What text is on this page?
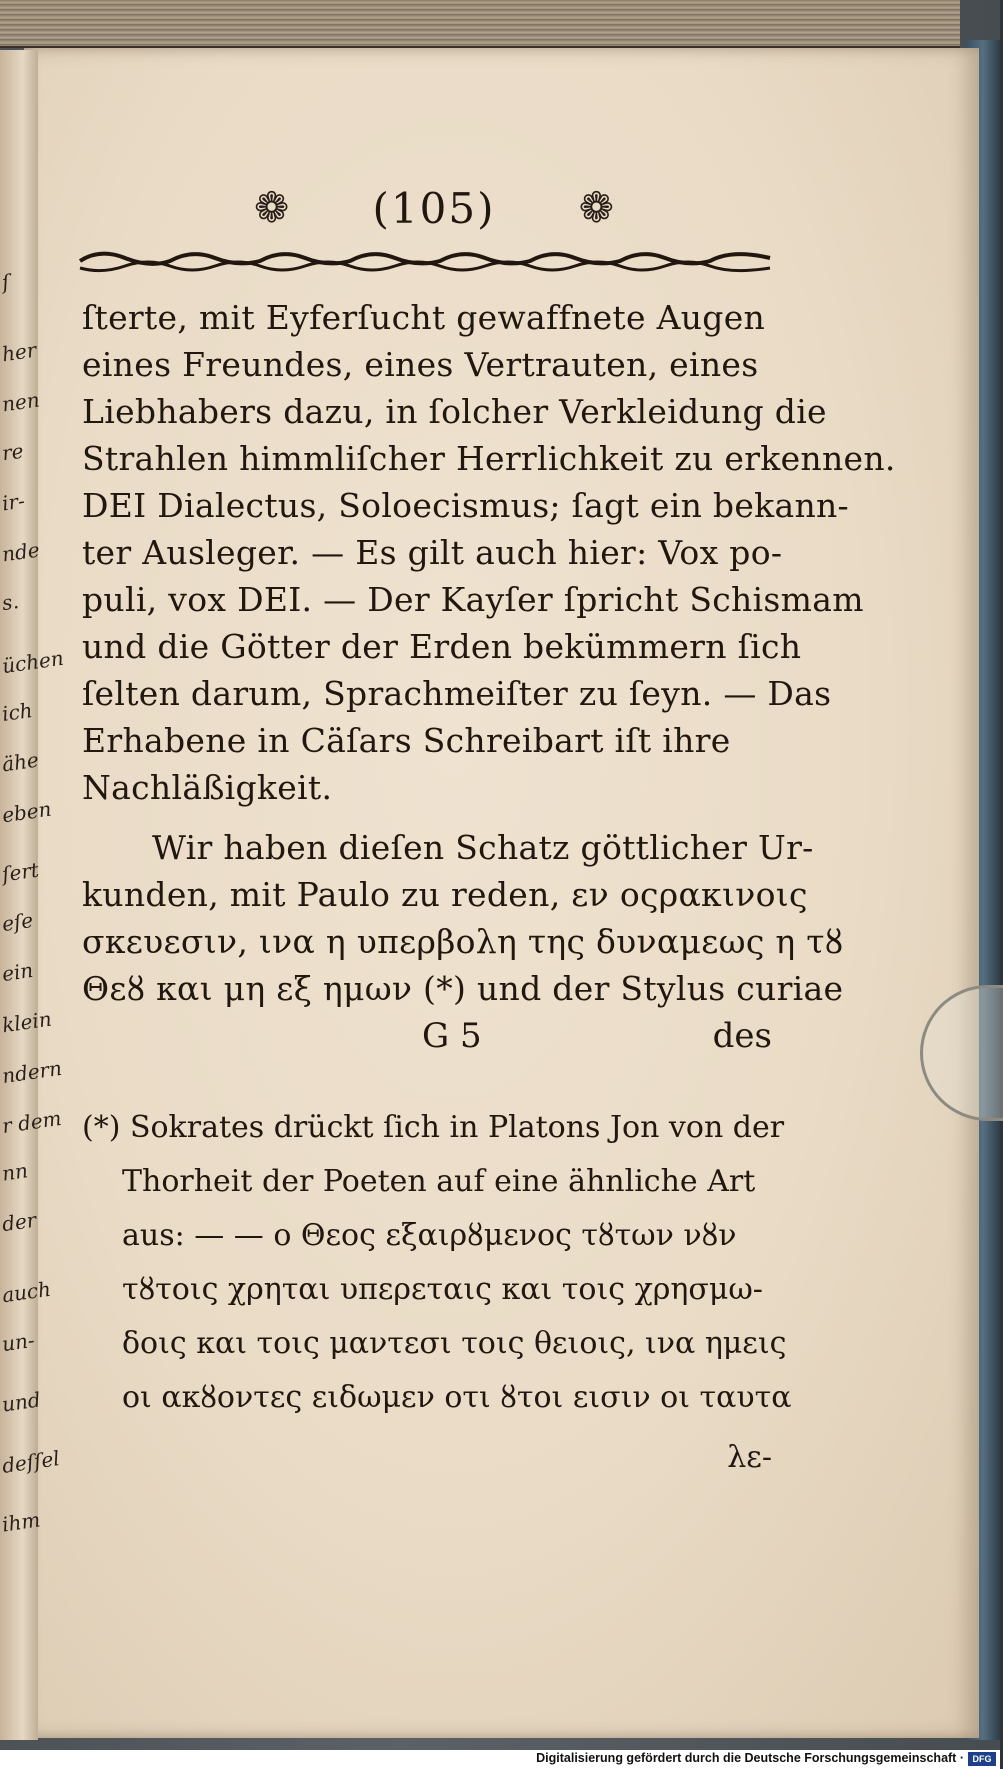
❁ (105) ❁
ſterte, mit Eyferſucht gewaffnete Augen
eines Freundes, eines Vertrauten, eines
Liebhabers dazu, in ſolcher Verkleidung die
Strahlen himmliſcher Herrlichkeit zu erkennen.
DEI Dialectus, Soloecismus; ſagt ein bekann-
ter Ausleger. — Es gilt auch hier: Vox po-
puli, vox DEI. — Der Kayſer ſpricht Schismam
und die Götter der Erden bekümmern ſich
ſelten darum, Sprachmeiſter zu ſeyn. — Das
Erhabene in Cäſars Schreibart iſt ihre
Nachläßigkeit.
Wir haben dieſen Schatz göttlicher Ur-
kunden, mit Paulo zu reden, εν οςρακινοις
σκευεσιν, ινα η υπερβολη της δυναμεως η τȣ
Θεȣ και μη εξ ημων (*) und der Stylus curiae
G 5	des
(*) Sokrates drückt ſich in Platons Jon von der
Thorheit der Poeten auf eine ähnliche Art
aus: — — ο Θεος εξαιρȣμενος τȣτων νȣν
τȣτοις χρηται υπερεταις και τοις χρησμω-
δοις και τοις μαντεσι τοις θειοις, ινα ημεις
οι ακȣοντες ειδωμεν οτι ȣτοι εισιν οι ταυτα
λε-
ſ
her
nen
re
ir-
nde
s.
üchen
ich
ähe
eben
ſert
eſe
ein
klein
ndern
r dem
nn
der
auch
un-
und
deſſel
ihm
Digitalisierung gefördert durch die Deutsche Forschungsgemeinschaft · DFG
